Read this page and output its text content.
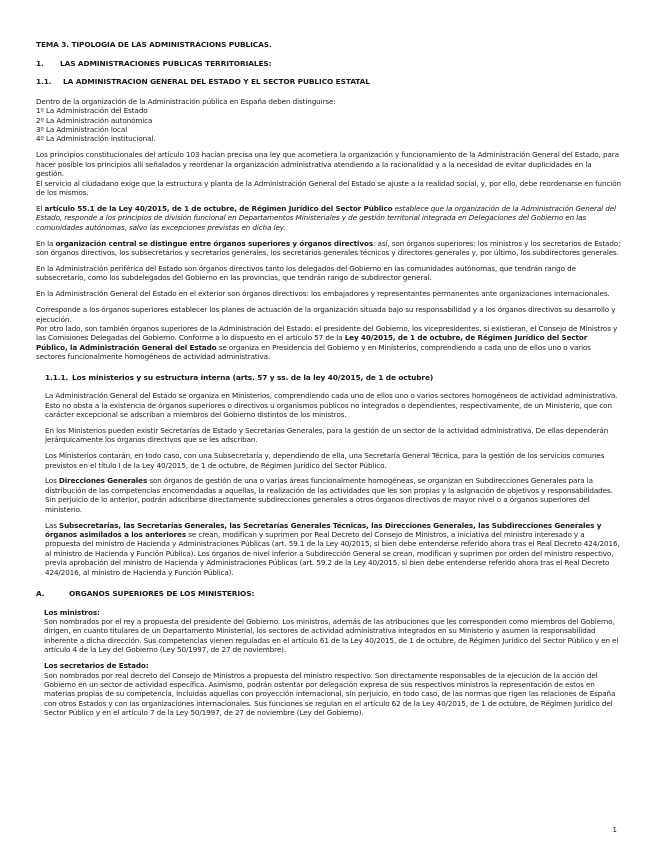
TEMA 3. TIPOLOGIA DE LAS ADMINISTRACIONS PUBLICAS.
1. LAS ADMINISTRACIONES PUBLICAS TERRITORIALES:
1.1. LA ADMINISTRACION GENERAL DEL ESTADO Y EL SECTOR PUBLICO ESTATAL
Dentro de la organización de la Administración pública en España deben distinguirse:
1º La Administración del Estado
2º La Administración autonómica
3º La Administración local
4º La Administración institucional.

Los principios constitucionales del artículo 103 hacían precisa una ley que acometiera la organización y funcionamiento de la Administración General del Estado, para hacer posible los principios allí señalados y reordenar la organización administrativa atendiendo a la racionalidad y a la necesidad de evitar duplicidades en la gestión.

El servicio al ciudadano exige que la estructura y planta de la Administración General del Estado se ajuste a la realidad social, y, por ello, debe reordenarse en función de los mismos.

El artículo 55.1 de la Ley 40/2015, de 1 de octubre, de Régimen Jurídico del Sector Público establece que la organización de la Administración General del Estado, responde a los principios de división funcional en Departamentos Ministeriales y de gestión territorial integrada en Delegaciones del Gobierno en las comunidades autónomas, salvo las excepciones previstas en dicha ley.

En la organización central se distingue entre órganos superiores y órganos directivos: así, son órganos superiores: los ministros y los secretarios de Estado; son órganos directivos, los subsecretarios y secretarios generales, los secretarios generales técnicos y directores generales y, por último, los subdirectores generales.

En la Administración periférica del Estado son órganos directivos tanto los delegados del Gobierno en las comunidades autónomas, que tendrán rango de subsecretario, como los subdelegados del Gobierno en las provincias, que tendrán rango de subdirector general.

En la Administración General del Estado en el exterior son órganos directivos: los embajadores y representantes permanentes ante organizaciones internacionales.

Corresponde a los órganos superiores establecer los planes de actuación de la organización situada bajo su responsabilidad y a los órganos directivos su desarrollo y ejecución.

Por otro lado, son también órganos superiores de la Administración del Estado: el presidente del Gobierno, los vicepresidentes, si existieran, el Consejo de Ministros y las Comisiones Delegadas del Gobierno. Conforme a lo dispuesto en el artículo 57 de la Ley 40/2015, de 1 de octubre, de Régimen Jurídico del Sector Público, la Administración General del Estado se organiza en Presidencia del Gobierno y en Ministerios, comprendiendo a cada uno de ellos uno o varios sectores funcionalmente homogéneos de actividad administrativa.

1.1.1. Los ministerios y su estructura interna (arts. 57 y ss. de la ley 40/2015, de 1 de octubre)

La Administración General del Estado se organiza en Ministerios, comprendiendo cada uno de ellos uno o varios sectores homogéneos de actividad administrativa. Esto no obsta a la existencia de órganos superiores o directivos u organismos públicos no integrados o dependientes, respectivamente, de un Ministerio, que con carácter excepcional se adscriban a miembros del Gobierno distintos de los ministros.

En los Ministerios pueden existir Secretarías de Estado y Secretarías Generales, para la gestión de un sector de la actividad administrativa. De ellas dependerán jerárquicamente los órganos directivos que se les adscriban.

Los Ministerios contarán, en todo caso, con una Subsecretaría y, dependiendo de ella, una Secretaría General Técnica, para la gestión de los servicios comunes previstos en el título I de la Ley 40/2015, de 1 de octubre, de Régimen Jurídico del Sector Público.

Los Direcciones Generales son órganos de gestión de una o varias áreas funcionalmente homogéneas, se organizan en Subdirecciones Generales para la distribución de las competencias encomendadas a aquellas, la realización de las actividades que les son propias y la asignación de objetivos y responsabilidades. Sin perjuicio de lo anterior, podrán adscribirse directamente subdirecciones generales a otros órganos directivos de mayor nivel o a órganos superiores del ministerio.

Las Subsecretarías, las Secretarías Generales, las Secretarías Generales Técnicas, las Direcciones Generales, las Subdirecciones Generales y órganos asimilados a los anteriores se crean, modifican y suprimen por Real Decreto del Consejo de Ministros, a iniciativa del ministro interesado y a propuesta del ministro de Hacienda y Administraciones Públicas (art. 59.1 de la Ley 40/2015, si bien debe entenderse referido ahora tras el Real Decreto 424/2016, al ministro de Hacienda y Función Pública). Los órganos de nivel inferior a Subdirección General se crean, modifican y suprimen por orden del ministro respectivo, previa aprobación del ministro de Hacienda y Administraciones Públicas (art. 59.2 de la Ley 40/2015, si bien debe entenderse referido ahora tras el Real Decreto 424/2016, al ministro de Hacienda y Función Pública).

A.	ORGANOS SUPERIORES DE LOS MINISTERIOS:
Los ministros:

Son nombrados por el rey a propuesta del presidente del Gobierno. Los ministros, además de las atribuciones que les corresponden como miembros del Gobierno, dirigen, en cuanto titulares de un Departamento Ministerial, los sectores de actividad administrativa integrados en su Ministerio y asumen la responsabilidad inherente a dicha dirección. Sus competencias vienen reguladas en el artículo 61 de la Ley 40/2015, de 1 de octubre, de Régimen Jurídico del Sector Público y en el artículo 4 de la Ley del Gobierno (Ley 50/1997, de 27 de noviembre).

Los secretarios de Estado:

Son nombrados por real decreto del Consejo de Ministros a propuesta del ministro respectivo. Son directamente responsables de la ejecución de la acción del Gobierno en un sector de actividad específica. Asimismo, podrán ostentar por delegación expresa de sus respectivos ministros la representación de estos en materias propias de su competencia, incluidas aquellas con proyección internacional, sin perjuicio, en todo caso, de las normas que rigen las relaciones de España con otros Estados y con las organizaciones internacionales. Sus funciones se regulan en el artículo 62 de la Ley 40/2015, de 1 de octubre, de Régimen Jurídico del Sector Público y en el artículo 7 de la Ley 50/1997, de 27 de noviembre (Ley del Gobierno).

1
